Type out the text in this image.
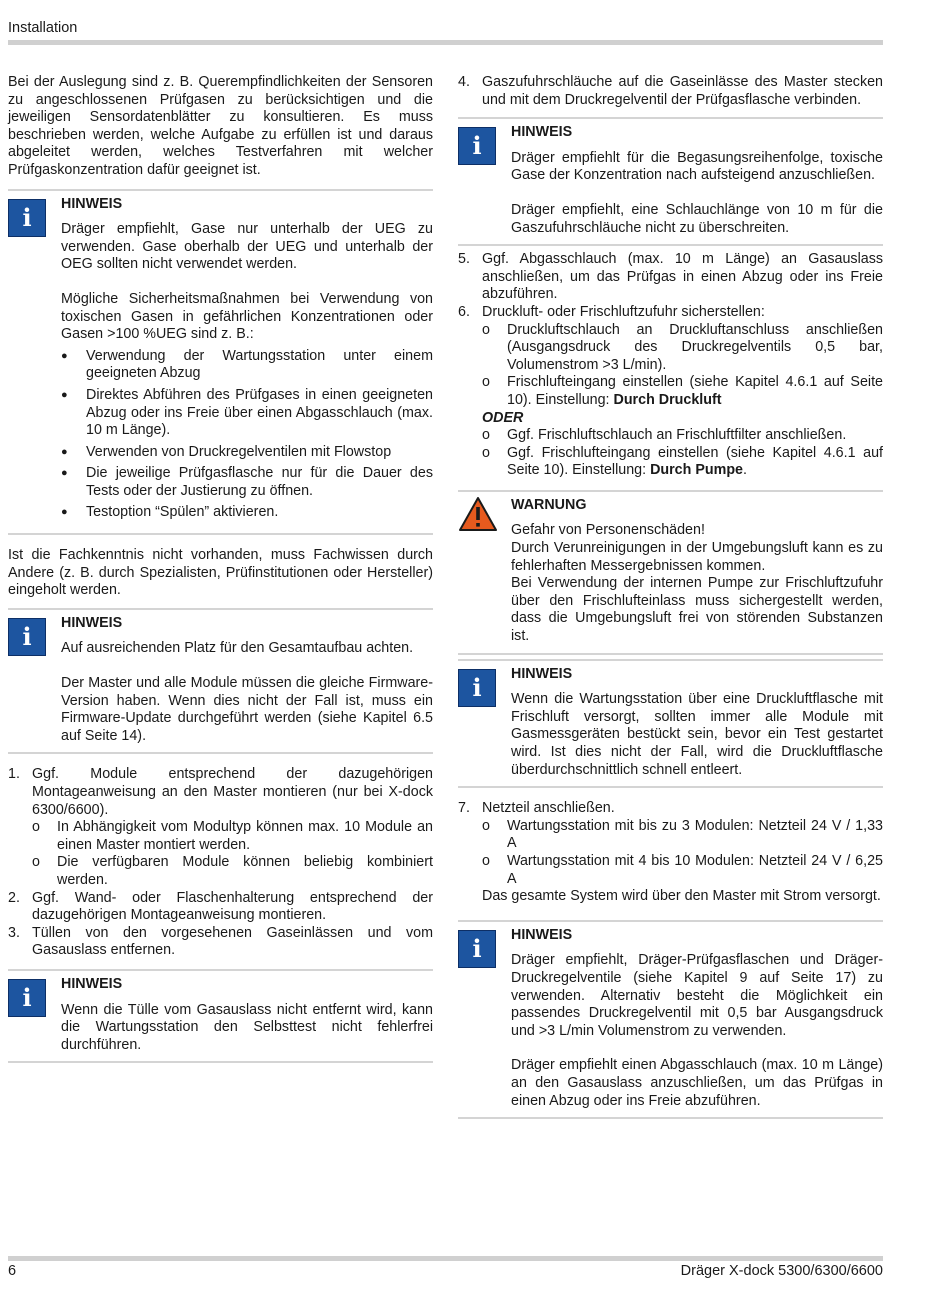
Installation

Bei der Auslegung sind z. B. Querempfindlichkeiten der Sensoren zu angeschlossenen Prüfgasen zu berücksichtigen und die jeweiligen Sensordatenblätter zu konsultieren. Es muss beschrieben werden, welche Aufgabe zu erfüllen ist und daraus abgeleitet werden, welches Testverfahren mit welcher Prüfgaskonzentration dafür geeignet ist.

i	HINWEIS

Dräger empfiehlt, Gase nur unterhalb der UEG zu verwenden. Gase oberhalb der UEG und unterhalb der OEG sollten nicht verwendet werden.

Mögliche Sicherheitsmaßnahmen bei Verwendung von toxischen Gasen in gefährlichen Konzentrationen oder Gasen >100 %UEG sind z. B.:

● Verwendung der Wartungsstation unter einem geeigneten Abzug
● Direktes Abführen des Prüfgases in einen geeigneten Abzug oder ins Freie über einen Abgasschlauch (max. 10 m Länge).
● Verwenden von Druckregelventilen mit Flowstop
● Die jeweilige Prüfgasflasche nur für die Dauer des Tests oder der Justierung zu öffnen.
● Testoption “Spülen” aktivieren.

Ist die Fachkenntnis nicht vorhanden, muss Fachwissen durch Andere (z. B. durch Spezialisten, Prüfinstitutionen oder Hersteller) eingeholt werden.

i	HINWEIS

Auf ausreichenden Platz für den Gesamtaufbau achten.

Der Master und alle Module müssen die gleiche Firmware-Version haben. Wenn dies nicht der Fall ist, muss ein Firmware-Update durchgeführt werden (siehe Kapitel 6.5 auf Seite 14).

1. Ggf. Module entsprechend der dazugehörigen Montageanweisung an den Master montieren (nur bei X-dock 6300/6600).

o In Abhängigkeit vom Modultyp können max. 10 Module an einen Master montiert werden.
o Die verfügbaren Module können beliebig kombiniert werden.
2. Ggf. Wand- oder Flaschenhalterung entsprechend der dazugehörigen Montageanweisung montieren.

3. Tüllen von den vorgesehenen Gaseinlässen und vom Gasauslass entfernen.

i	HINWEIS

Wenn die Tülle vom Gasauslass nicht entfernt wird, kann die Wartungsstation den Selbsttest nicht fehlerfrei durchführen.

4. Gaszufuhrschläuche auf die Gaseinlässe des Master stecken und mit dem Druckregelventil der Prüfgasflasche verbinden.

i	HINWEIS

Dräger empfiehlt für die Begasungsreihenfolge, toxische Gase der Konzentration nach aufsteigend anzuschließen.

Dräger empfiehlt, eine Schlauchlänge von 10 m für die Gaszufuhrschläuche nicht zu überschreiten.

5. Ggf. Abgasschlauch (max. 10 m Länge) an Gasauslass anschließen, um das Prüfgas in einen Abzug oder ins Freie abzuführen.

6. Druckluft- oder Frischluftzufuhr sicherstellen:

o Druckluftschlauch an Druckluftanschluss anschließen (Ausgangsdruck des Druckregelventils 0,5 bar, Volumenstrom >3 L/min).
o Frischlufteingang einstellen (siehe Kapitel 4.6.1 auf Seite 10). Einstellung: Durch Druckluft
ODER
o Ggf. Frischluftschlauch an Frischluftfilter anschließen.
o Ggf. Frischlufteingang einstellen (siehe Kapitel 4.6.1 auf Seite 10). Einstellung: Durch Pumpe.
WARNUNG

Gefahr von Personenschäden!

Durch Verunreinigungen in der Umgebungsluft kann es zu fehlerhaften Messergebnissen kommen.

Bei Verwendung der internen Pumpe zur Frischluftzufuhr über den Frischlufteinlass muss sichergestellt werden, dass die Umgebungsluft frei von störenden Substanzen ist.

i	HINWEIS

Wenn die Wartungsstation über eine Druckluftflasche mit Frischluft versorgt, sollten immer alle Module mit Gasmessgeräten bestückt sein, bevor ein Test gestartet wird. Ist dies nicht der Fall, wird die Druckluftflasche überdurchschnittlich schnell entleert.

7. Netzteil anschließen.

o Wartungsstation mit bis zu 3 Modulen: Netzteil 24 V / 1,33 A
o Wartungsstation mit 4 bis 10 Modulen: Netzteil 24 V / 6,25 A

Das gesamte System wird über den Master mit Strom versorgt.

i	HINWEIS

Dräger empfiehlt, Dräger-Prüfgasflaschen und Dräger-Druckregelventile (siehe Kapitel 9 auf Seite 17) zu verwenden. Alternativ besteht die Möglichkeit ein passendes Druckregelventil mit 0,5 bar Ausgangsdruck und >3 L/min Volumenstrom zu verwenden.

Dräger empfiehlt einen Abgasschlauch (max. 10 m Länge) an den Gasauslass anzuschließen, um das Prüfgas in einen Abzug oder ins Freie abzuführen.

6	Dräger X-dock 5300/6300/6600
